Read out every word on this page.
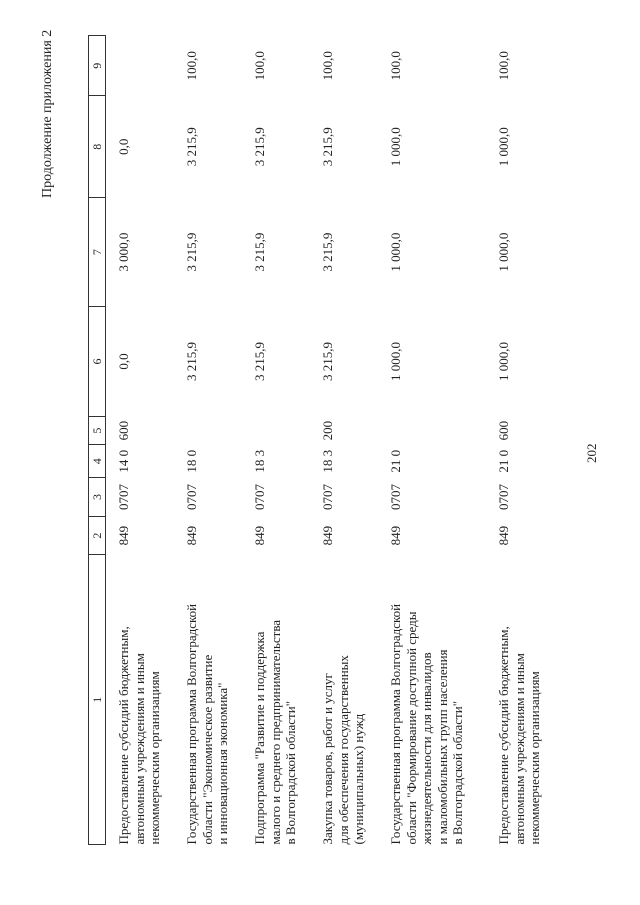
202
Продолжение приложения 2
1	2	3	4	5	6	7	8	9

Предоставление субсидий бюджетным,
автономным учреждениям и иным
некоммерческим организациям	849	0707	14 0	600	0,0	3 000,0	0,0	

Государственная программа Волгоградской
области "Экономическое развитие
и инновационная экономика"	849	0707	18 0		3 215,9	3 215,9	3 215,9	100,0

Подпрограмма "Развитие и поддержка
малого и среднего предпринимательства
в Волгоградской области"	849	0707	18 3		3 215,9	3 215,9	3 215,9	100,0

Закупка товаров, работ и услуг
для обеспечения государственных
(муниципальных) нужд	849	0707	18 3	200	3 215,9	3 215,9	3 215,9	100,0

Государственная программа Волгоградской
области "Формирование доступной среды
жизнедеятельности для инвалидов
и маломобильных групп населения
в Волгоградской области"	849	0707	21 0		1 000,0	1 000,0	1 000,0	100,0

Предоставление субсидий бюджетным,
автономным учреждениям и иным
некоммерческим организациям	849	0707	21 0	600	1 000,0	1 000,0	1 000,0	100,0
